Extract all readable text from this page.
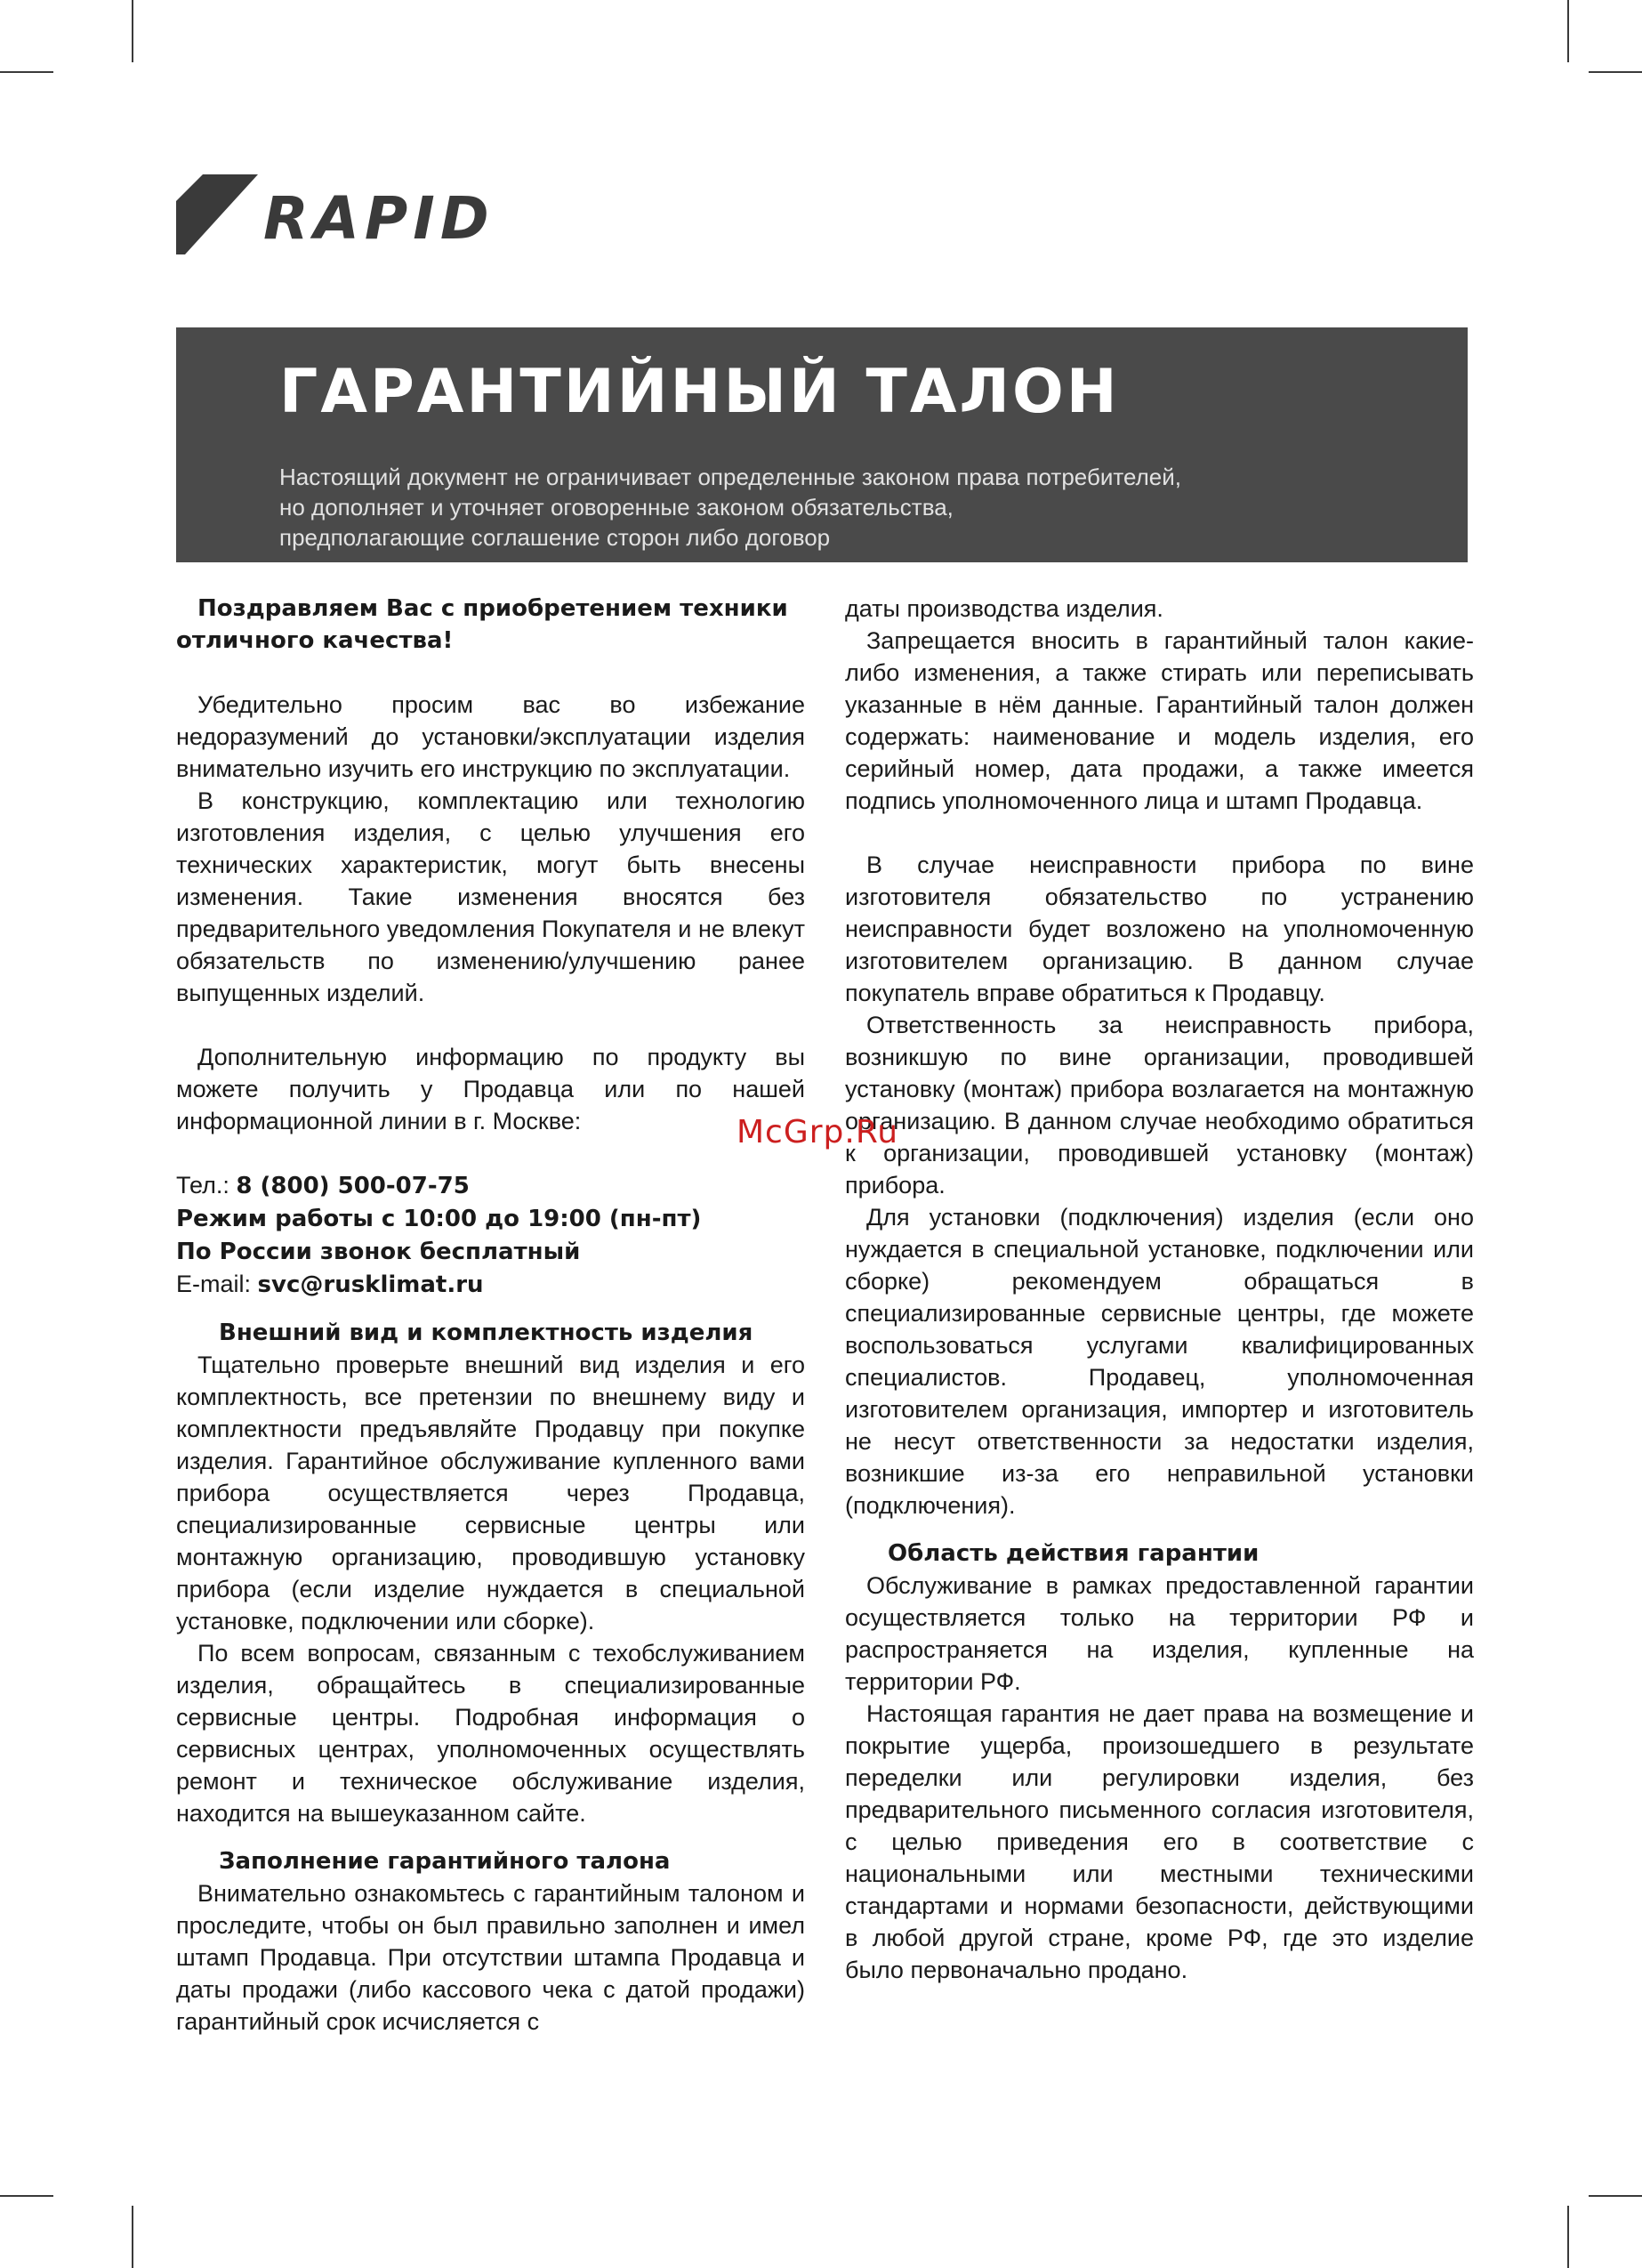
RAPID
ГАРАНТИЙНЫЙ ТАЛОН
Настоящий документ не ограничивает определенные законом права потребителей,
но дополняет и уточняет оговоренные законом обязательства,
предполагающие соглашение сторон либо договор

Поздравляем Вас с приобретением техники отличного качества!

Убедительно просим вас во избежание недоразумений до установки/эксплуатации изделия внимательно изучить его инструкцию по эксплуатации.

В конструкцию, комплектацию или технологию изготовления изделия, с целью улучшения его технических характеристик, могут быть внесены изменения. Такие изменения вносятся без предварительного уведомления Покупателя и не влекут обязательств по изменению/улучшению ранее выпущенных изделий.

Дополнительную информацию по продукту вы можете получить у Продавца или по нашей информационной линии в г. Москве:

Тел.: 8 (800) 500-07-75
Режим работы с 10:00 до 19:00 (пн-пт)
По России звонок бесплатный
E-mail: svc@rusklimat.ru

Внешний вид и комплектность изделия

Тщательно проверьте внешний вид изделия и его комплектность, все претензии по внешнему виду и комплектности предъявляйте Продавцу при покупке изделия. Гарантийное обслуживание купленного вами прибора осуществляется через Продавца, специализированные сервисные центры или монтажную организацию, проводившую установку прибора (если изделие нуждается в специальной установке, подключении или сборке).

По всем вопросам, связанным с техобслуживанием изделия, обращайтесь в специализированные сервисные центры. Подробная информация о сервисных центрах, уполномоченных осуществлять ремонт и техническое обслуживание изделия, находится на вышеуказанном сайте.

Заполнение гарантийного талона

Внимательно ознакомьтесь с гарантийным талоном и проследите, чтобы он был правильно заполнен и имел штамп Продавца. При отсутствии штампа Продавца и даты продажи (либо кассового чека с датой продажи) гарантийный срок исчисляется с

даты производства изделия.

Запрещается вносить в гарантийный талон какие-либо изменения, а также стирать или переписывать указанные в нём данные. Гарантийный талон должен содержать: наименование и модель изделия, его серийный номер, дата продажи, а также имеется подпись уполномоченного лица и штамп Продавца.

В случае неисправности прибора по вине изготовителя обязательство по устранению неисправности будет возложено на уполномоченную изготовителем организацию. В данном случае покупатель вправе обратиться к Продавцу.

Ответственность за неисправность прибора, возникшую по вине организации, проводившей установку (монтаж) прибора возлагается на монтажную организацию. В данном случае необходимо обратиться к организации, проводившей установку (монтаж) прибора.

Для установки (подключения) изделия (если оно нуждается в специальной установке, подключении или сборке) рекомендуем обращаться в специализированные сервисные центры, где можете воспользоваться услугами квалифицированных специалистов. Продавец, уполномоченная изготовителем организация, импортер и изготовитель не несут ответственности за недостатки изделия, возникшие из-за его неправильной установки (подключения).

Область действия гарантии

Обслуживание в рамках предоставленной гарантии осуществляется только на территории РФ и распространяется на изделия, купленные на территории РФ.

Настоящая гарантия не дает права на возмещение и покрытие ущерба, произошедшего в результате переделки или регулировки изделия, без предварительного письменного согласия изготовителя, с целью приведения его в соответствие с национальными или местными техническими стандартами и нормами безопасности, действующими в любой другой стране, кроме РФ, где это изделие было первоначально продано.

McGrp.Ru
